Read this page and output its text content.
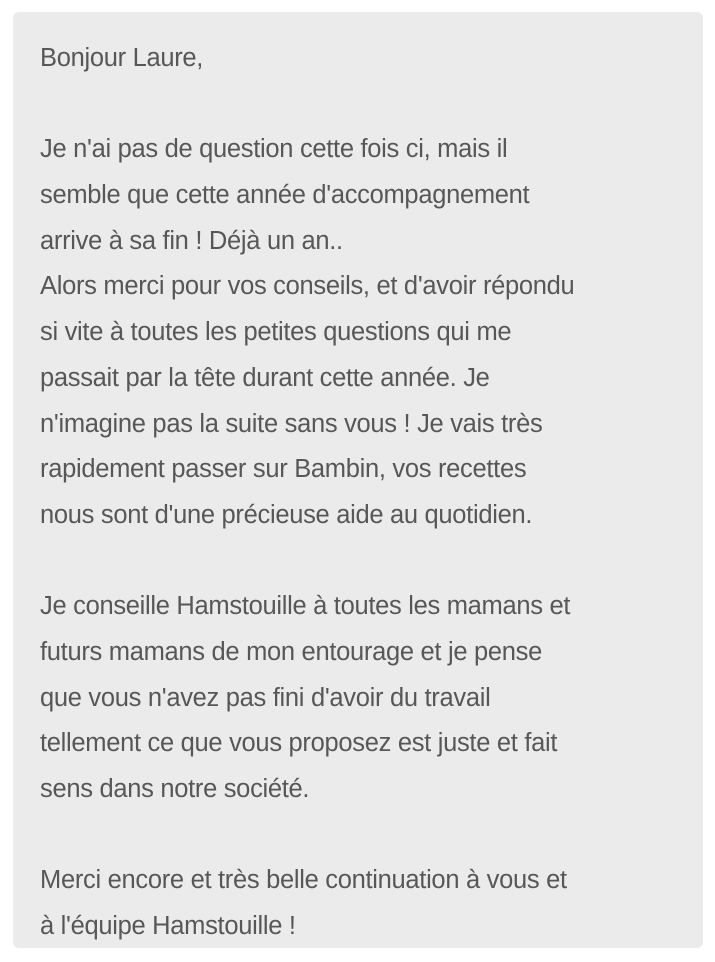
Bonjour Laure,
Je n'ai pas de question cette fois ci, mais il
semble que cette année d'accompagnement
arrive à sa fin ! Déjà un an..
Alors merci pour vos conseils, et d'avoir répondu
si vite à toutes les petites questions qui me
passait par la tête durant cette année. Je
n'imagine pas la suite sans vous ! Je vais très
rapidement passer sur Bambin, vos recettes
nous sont d'une précieuse aide au quotidien.
Je conseille Hamstouille à toutes les mamans et
futurs mamans de mon entourage et je pense
que vous n'avez pas fini d'avoir du travail
tellement ce que vous proposez est juste et fait
sens dans notre société.
Merci encore et très belle continuation à vous et
à l'équipe Hamstouille !
